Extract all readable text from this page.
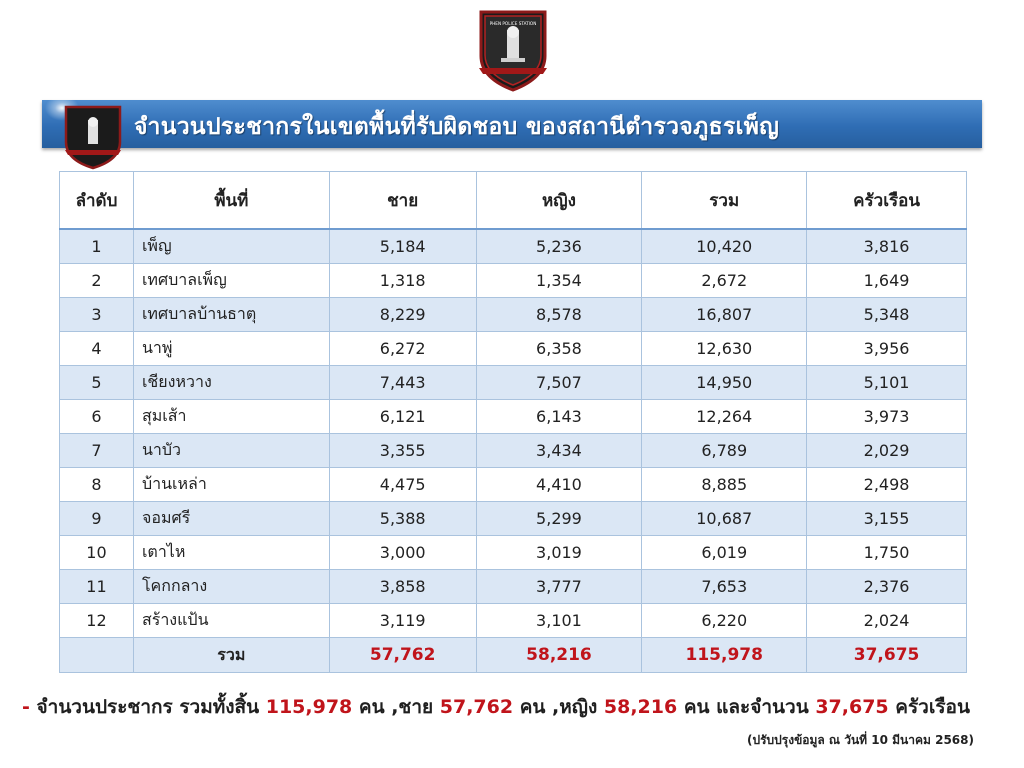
PHEN POLICE STATION
จำนวนประชากรในเขตพื้นที่รับผิดชอบ ของสถานีตำรวจภูธรเพ็ญ
ลำดับ	พื้นที่	ชาย	หญิง	รวม	ครัวเรือน
1	เพ็ญ	5,184	5,236	10,420	3,816
2	เทศบาลเพ็ญ	1,318	1,354	2,672	1,649
3	เทศบาลบ้านธาตุ	8,229	8,578	16,807	5,348
4	นาพู่	6,272	6,358	12,630	3,956
5	เชียงหวาง	7,443	7,507	14,950	5,101
6	สุมเส้า	6,121	6,143	12,264	3,973
7	นาบัว	3,355	3,434	6,789	2,029
8	บ้านเหล่า	4,475	4,410	8,885	2,498
9	จอมศรี	5,388	5,299	10,687	3,155
10	เตาไห	3,000	3,019	6,019	1,750
11	โคกกลาง	3,858	3,777	7,653	2,376
12	สร้างแป้น	3,119	3,101	6,220	2,024
	รวม	57,762	58,216	115,978	37,675
- จำนวนประชากร รวมทั้งสิ้น 115,978 คน ,ชาย 57,762 คน ,หญิง 58,216 คน และจำนวน 37,675 ครัวเรือน
(ปรับปรุงข้อมูล ณ วันที่ 10 มีนาคม 2568)
